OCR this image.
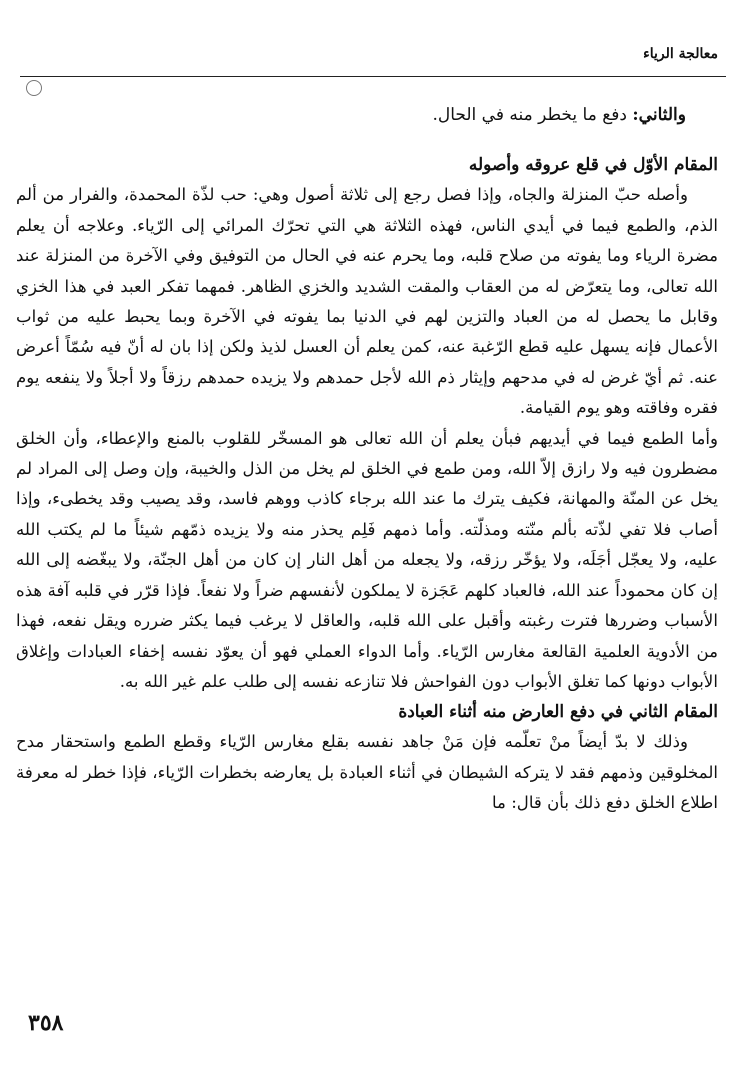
معالجة الرياء

والثاني: دفع ما يخطر منه في الحال.

المقام الأوّل في قلع عروقه وأصوله

وأصله حبّ المنزلة والجاه، وإذا فصل رجع إلى ثلاثة أصول وهي: حب لذّة المحمدة، والفرار من ألم الذم، والطمع فيما في أيدي الناس، فهذه الثلاثة هي التي تحرّك المرائي إلى الرّياء. وعلاجه أن يعلم مضرة الرياء وما يفوته من صلاح قلبه، وما يحرم عنه في الحال من التوفيق وفي الآخرة من المنزلة عند الله تعالى، وما يتعرّض له من العقاب والمقت الشديد والخزي الظاهر. فمهما تفكر العبد في هذا الخزي وقابل ما يحصل له من العباد والتزين لهم في الدنيا بما يفوته في الآخرة وبما يحبط عليه من ثواب الأعمال فإنه يسهل عليه قطع الرّغبة عنه، كمن يعلم أن العسل لذيذ ولكن إذا بان له أنّ فيه سُمّاً أعرض عنه. ثم أيّ غرض له في مدحهم وإيثار ذم الله لأجل حمدهم ولا يزيده حمدهم رزقاً ولا أجلاً ولا ينفعه يوم فقره وفاقته وهو يوم القيامة.

وأما الطمع فيما في أيديهم فبأن يعلم أن الله تعالى هو المسخّر للقلوب بالمنع والإعطاء، وأن الخلق مضطرون فيه ولا رازق إلاّ الله، ومن طمع في الخلق لم يخل من الذل والخيبة، وإن وصل إلى المراد لم يخل عن المنّة والمهانة، فكيف يترك ما عند الله برجاء كاذب ووهم فاسد، وقد يصيب وقد يخطىء، وإذا أصاب فلا تفي لذّته بألم منّته ومذلّته. وأما ذمهم فَلِم يحذر منه ولا يزيده ذمّهم شيئاً ما لم يكتب الله عليه، ولا يعجّل أجَلَه، ولا يؤخّر رزقه، ولا يجعله من أهل النار إن كان من أهل الجنّة، ولا يبغّضه إلى الله إن كان محموداً عند الله، فالعباد كلهم عَجَزة لا يملكون لأنفسهم ضراً ولا نفعاً. فإذا قرّر في قلبه آفة هذه الأسباب وضررها فترت رغبته وأقبل على الله قلبه، والعاقل لا يرغب فيما يكثر ضرره ويقل نفعه، فهذا من الأدوية العلمية القالعة مغارس الرّياء. وأما الدواء العملي فهو أن يعوّد نفسه إخفاء العبادات وإغلاق الأبواب دونها كما تغلق الأبواب دون الفواحش فلا تنازعه نفسه إلى طلب علم غير الله به.

المقام الثاني في دفع العارض منه أثناء العبادة

وذلك لا بدّ أيضاً منْ تعلّمه فإن مَنْ جاهد نفسه بقلع مغارس الرّياء وقطع الطمع واستحقار مدح المخلوقين وذمهم فقد لا يتركه الشيطان في أثناء العبادة بل يعارضه بخطرات الرّياء، فإذا خطر له معرفة اطلاع الخلق دفع ذلك بأن قال: ما

٣٥٨
